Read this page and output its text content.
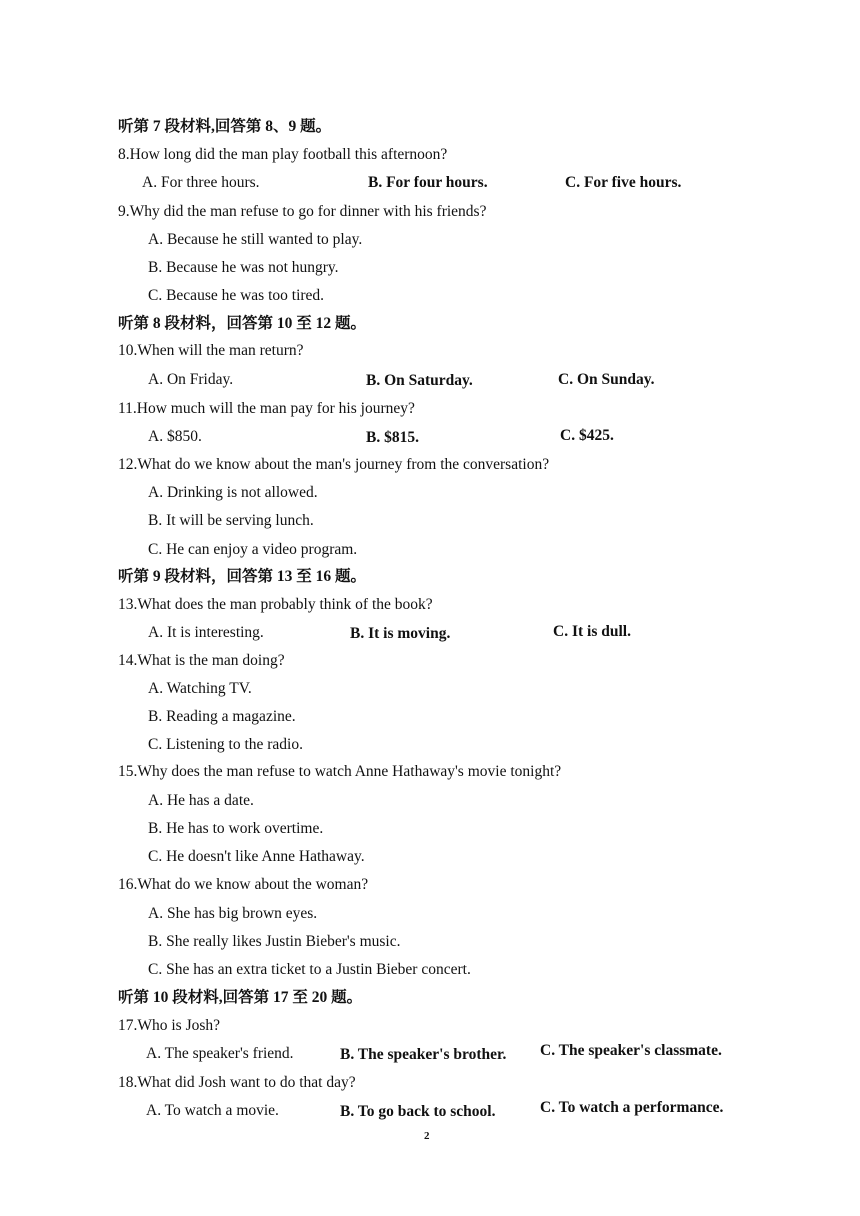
听第 7 段材料,回答第 8、9 题。
8.How long did the man play football this afternoon?
A. For three hours.	B. For four hours.	C. For five hours.
9.Why did the man refuse to go for dinner with his friends?
A. Because he still wanted to play.
B. Because he was not hungry.
C. Because he was too tired.
听第 8 段材料，回答第 10 至 12 题。
10.When will the man return?
A. On Friday.	B. On Saturday.	C. On Sunday.
11.How much will the man pay for his journey?
A. $850.	B. $815.	C. $425.
12.What do we know about the man's journey from the conversation?
A. Drinking is not allowed.
B. It will be serving lunch.
C. He can enjoy a video program.
听第 9 段材料，回答第 13 至 16 题。
13.What does the man probably think of the book?
A. It is interesting.	B. It is moving.	C. It is dull.
14.What is the man doing?
A. Watching TV.
B. Reading a magazine.
C. Listening to the radio.
15.Why does the man refuse to watch Anne Hathaway's movie tonight?
A. He has a date.
B. He has to work overtime.
C. He doesn't like Anne Hathaway.
16.What do we know about the woman?
A. She has big brown eyes.
B. She really likes Justin Bieber's music.
C. She has an extra ticket to a Justin Bieber concert.
听第 10 段材料,回答第 17 至 20 题。
17.Who is Josh?
A. The speaker's friend.	B. The speaker's brother. C. The speaker's classmate.
18.What did Josh want to do that day?
A. To watch a movie.	B. To go back to school.	C. To watch a performance.
2
